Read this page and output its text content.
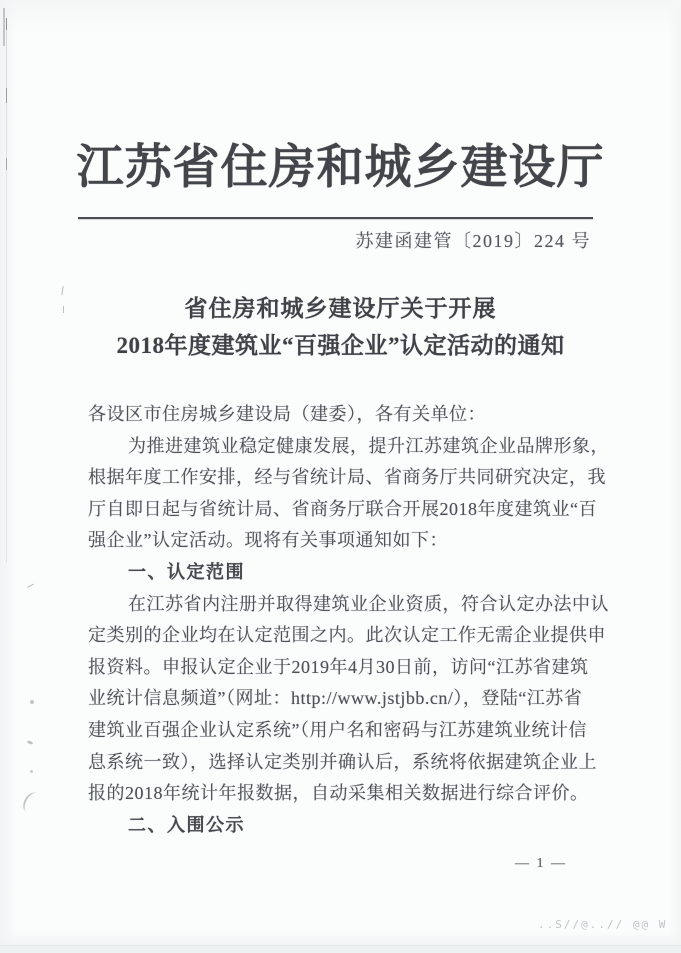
江苏省住房和城乡建设厅
苏建函建管〔2019〕224 号
省住房和城乡建设厅关于开展
2018年度建筑业“百强企业”认定活动的通知
各设区市住房城乡建设局（建委），各有关单位：
为推进建筑业稳定健康发展，提升江苏建筑企业品牌形象，
根据年度工作安排，经与省统计局、省商务厅共同研究决定，我
厅自即日起与省统计局、省商务厅联合开展2018年度建筑业“百
强企业”认定活动。现将有关事项通知如下：
一、认定范围
在江苏省内注册并取得建筑业企业资质，符合认定办法中认
定类别的企业均在认定范围之内。此次认定工作无需企业提供申
报资料。申报认定企业于2019年4月30日前，访问“江苏省建筑
业统计信息频道”（网址：http://www.jstjbb.cn/），登陆“江苏省
建筑业百强企业认定系统”（用户名和密码与江苏建筑业统计信
息系统一致），选择认定类别并确认后，系统将依据建筑企业上
报的2018年统计年报数据，自动采集相关数据进行综合评价。
二、入围公示
— 1 —
..S//@..// @@ W
